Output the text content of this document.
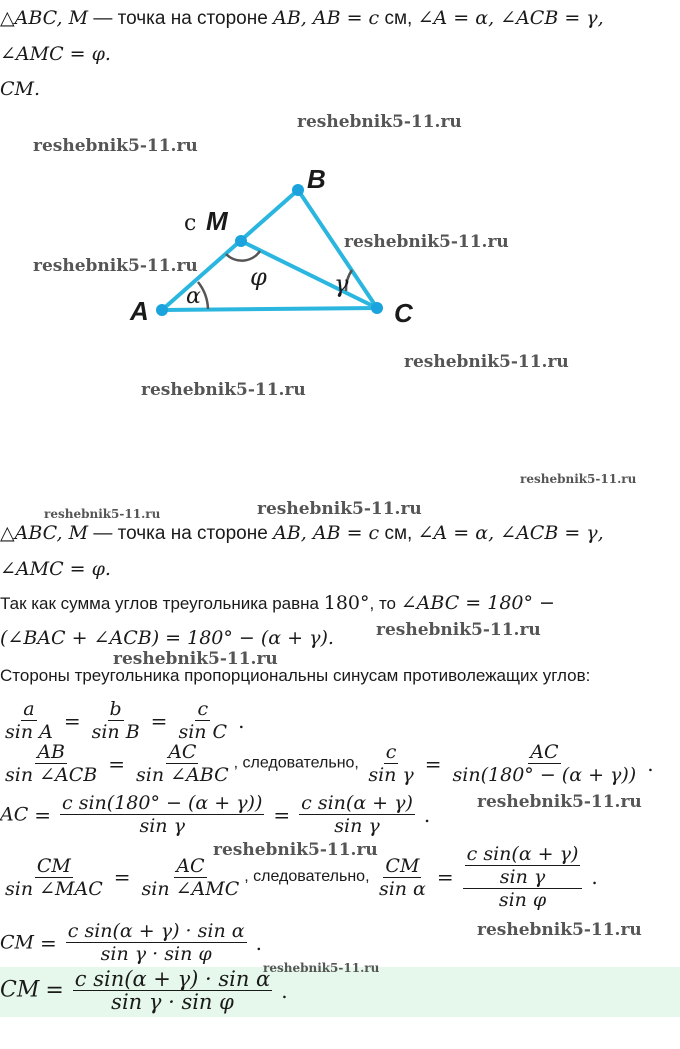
△ABC, M — точка на стороне AB, AB = c см, ∠A = α, ∠ACB = γ,
∠AMC = φ.
CM.
B
c M
A	C
α
φ	γ
reshebnik5-11.ru
reshebnik5-11.ru
reshebnik5-11.ru
reshebnik5-11.ru
reshebnik5-11.ru
reshebnik5-11.ru
reshebnik5-11.ru
reshebnik5-11.ru	reshebnik5-11.ru
△ABC, M — точка на стороне AB, AB = c см, ∠A = α, ∠ACB = γ,
∠AMC = φ.
Так как сумма углов треугольника равна 180°, то ∠ABC = 180° −
(∠BAC + ∠ACB) = 180° − (α + γ). reshebnik5-11.ru
reshebnik5-11.ru
Стороны треугольника пропорциональны синусам противолежащих углов:
$\frac{a}{\text{sin A}} = \frac{b}{\text{sin B}} = \frac{c}{\text{sin C}}$ .
$\frac{AB}{\text{sin ∠ACB}} = \frac{AC}{\text{sin ∠ABC}}$ , следовательно, $\frac{c}{\text{sin γ}} = \frac{AC}{\sin(180^\circ - (\alpha + \gamma))}$ .
AC = $\frac{\text{c sin(180° − (α + γ))}}{\text{sin γ}} = \frac{\text{c sin(α + γ)}}{\text{sin γ}}$ .
reshebnik5-11.ru
reshebnik5-11.ru
$\frac{CM}{\text{sin ∠MAC}} = \frac{AC}{\text{sin ∠AMC}}$ , следовательно, $\frac{CM}{\text{sin α}} = \frac{\frac{\text{c sin(α + γ)}}{\text{sin γ}}}{\text{sin φ}}$ .
CM = $\frac{\text{c sin(α + γ) · sin α}}{\text{sin γ · sin φ}}$ .
reshebnik5-11.ru
CM = $\frac{\text{c sin(α + γ) · sin α}}{\text{sin γ · sin φ}}$ .
reshebnik5-11.ru
